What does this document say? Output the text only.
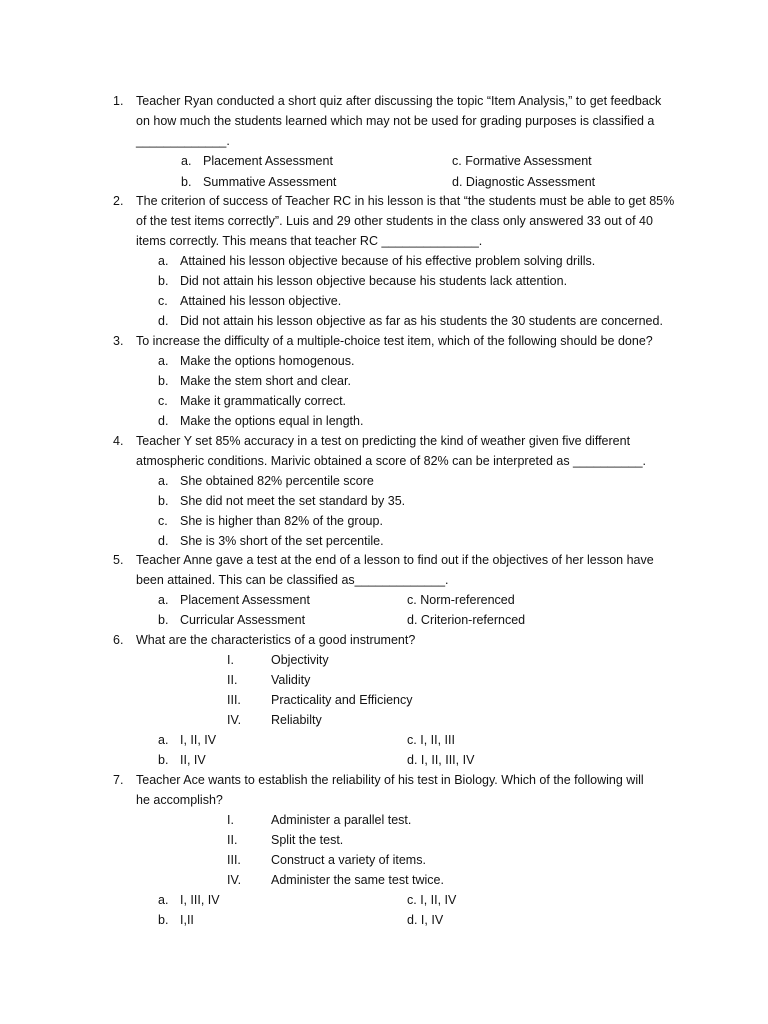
1. Teacher Ryan conducted a short quiz after discussing the topic “Item Analysis,” to get feedback
on how much the students learned which may not be used for grading purposes is classified a
_____________.
a. Placement Assessment	c. Formative Assessment
b. Summative Assessment	d. Diagnostic Assessment
2. The criterion of success of Teacher RC in his lesson is that “the students must be able to get 85%
of the test items correctly”. Luis and 29 other students in the class only answered 33 out of 40
items correctly. This means that teacher RC ______________.
a. Attained his lesson objective because of his effective problem solving drills.
b. Did not attain his lesson objective because his students lack attention.
c. Attained his lesson objective.
d. Did not attain his lesson objective as far as his students the 30 students are concerned.
3. To increase the difficulty of a multiple-choice test item, which of the following should be done?
a. Make the options homogenous.
b. Make the stem short and clear.
c. Make it grammatically correct.
d. Make the options equal in length.
4. Teacher Y set 85% accuracy in a test on predicting the kind of weather given five different
atmospheric conditions. Marivic obtained a score of 82% can be interpreted as __________.
a. She obtained 82% percentile score
b. She did not meet the set standard by 35.
c. She is higher than 82% of the group.
d. She is 3% short of the set percentile.
5. Teacher Anne gave a test at the end of a lesson to find out if the objectives of her lesson have
been attained. This can be classified as_____________.
a. Placement Assessment	c. Norm-referenced
b. Curricular Assessment	d. Criterion-refernced
6. What are the characteristics of a good instrument?
I.	Objectivity
II.	Validity
III. Practicality and Efficiency
IV. Reliabilty
a. I, II, IV	c. I, II, III
b. II, IV	d. I, II, III, IV
7. Teacher Ace wants to establish the reliability of his test in Biology. Which of the following will
he accomplish?
I.	Administer a parallel test.
II.	Split the test.
III. Construct a variety of items.
IV. Administer the same test twice.
a. I, III, IV	c. I, II, IV
b. I,II	d. I, IV
